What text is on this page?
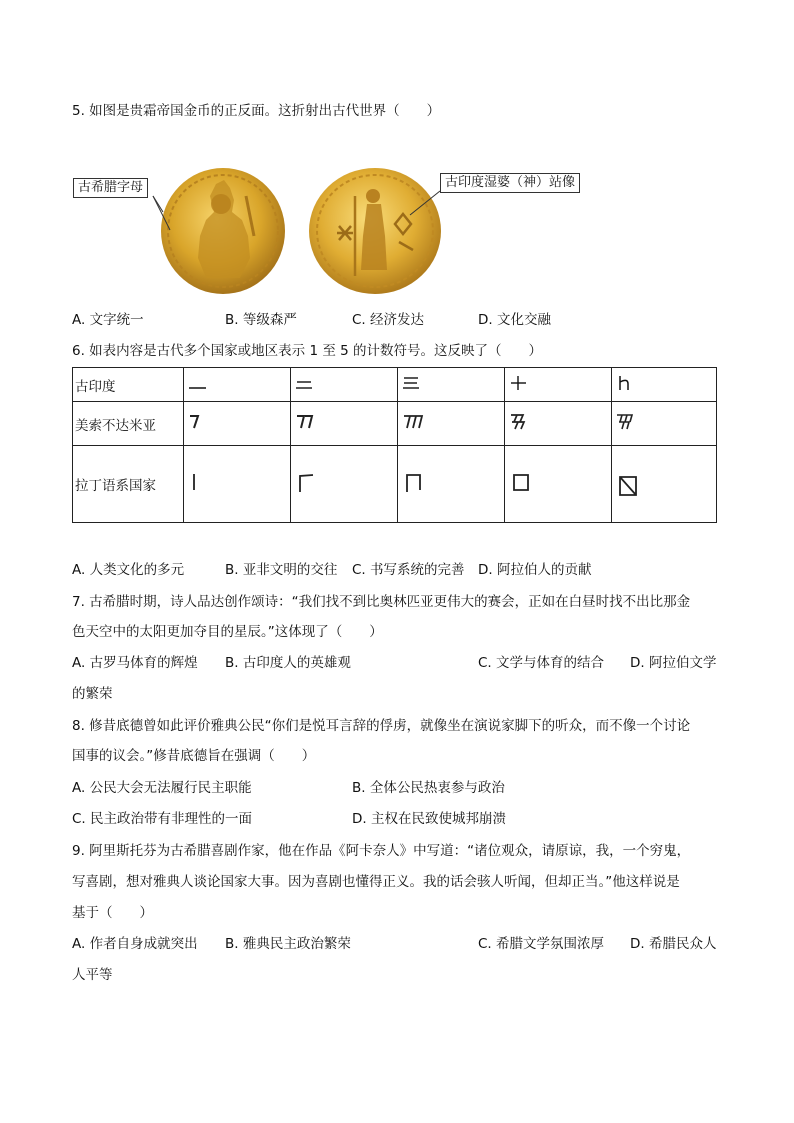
5. 如图是贵霜帝国金币的正反面。这折射出古代世界（　　）
古希腊字母	古印度湿婆（神）站像
A. 文字统一	B. 等级森严	C. 经济发达	D. 文化交融
6. 如表内容是古代多个国家或地区表示 1 至 5 的计数符号。这反映了（　　）
古印度					
美索不达米亚					
拉丁语系国家					
A. 人类文化的多元	B. 亚非文明的交往 C. 书写系统的完善 D. 阿拉伯人的贡献
7. 古希腊时期，诗人品达创作颂诗：“我们找不到比奥林匹亚更伟大的赛会，正如在白昼时找不出比那金
色天空中的太阳更加夺目的星辰。”这体现了（　　）
A. 古罗马体育的辉煌 B. 古印度人的英雄观	C. 文学与体育的结合 D. 阿拉伯文学
的繁荣
8. 修昔底德曾如此评价雅典公民“你们是悦耳言辞的俘虏，就像坐在演说家脚下的听众，而不像一个讨论
国事的议会。”修昔底德旨在强调（　　）
A. 公民大会无法履行民主职能	B. 全体公民热衷参与政治
C. 民主政治带有非理性的一面	D. 主权在民致使城邦崩溃
9. 阿里斯托芬为古希腊喜剧作家，他在作品《阿卡奈人》中写道：“诸位观众，请原谅，我，一个穷鬼，
写喜剧，想对雅典人谈论国家大事。因为喜剧也懂得正义。我的话会骇人听闻，但却正当。”他这样说是
基于（　　）
A. 作者自身成就突出 B. 雅典民主政治繁荣	C. 希腊文学氛围浓厚 D. 希腊民众人
人平等
